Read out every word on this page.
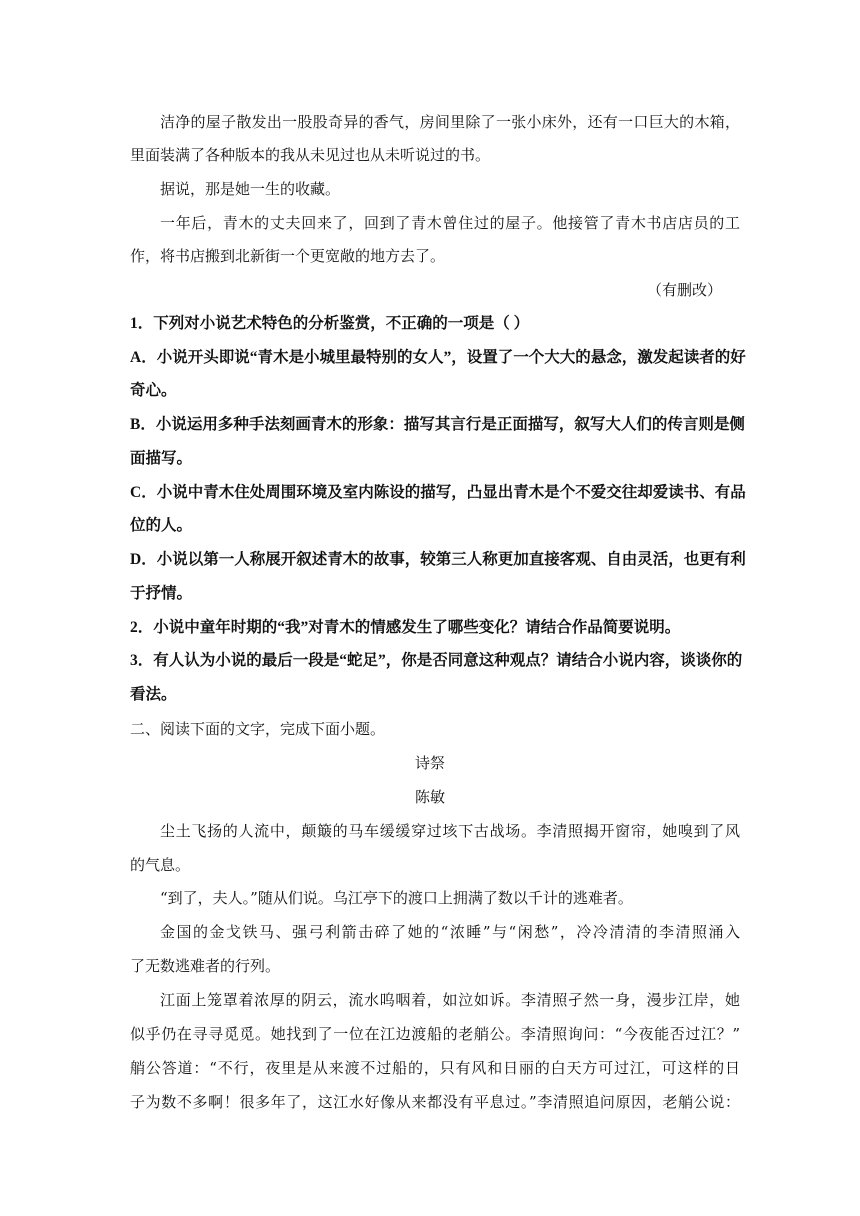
洁净的屋子散发出一股股奇异的香气，房间里除了一张小床外，还有一口巨大的木箱，
里面装满了各种版本的我从未见过也从未听说过的书。
据说，那是她一生的收藏。
一年后，青木的丈夫回来了，回到了青木曾住过的屋子。他接管了青木书店店员的工
作，将书店搬到北新街一个更宽敞的地方去了。
（有删改）
1．下列对小说艺术特色的分析鉴赏，不正确的一项是（ ）
A．小说开头即说“青木是小城里最特别的女人”，设置了一个大大的悬念，激发起读者的好
奇心。
B．小说运用多种手法刻画青木的形象：描写其言行是正面描写，叙写大人们的传言则是侧
面描写。
C．小说中青木住处周围环境及室内陈设的描写，凸显出青木是个不爱交往却爱读书、有品
位的人。
D．小说以第一人称展开叙述青木的故事，较第三人称更加直接客观、自由灵活，也更有利
于抒情。
2．小说中童年时期的“我”对青木的情感发生了哪些变化？请结合作品简要说明。
3．有人认为小说的最后一段是“蛇足”，你是否同意这种观点？请结合小说内容，谈谈你的
看法。
二、阅读下面的文字，完成下面小题。
诗祭
陈敏
尘土飞扬的人流中，颠簸的马车缓缓穿过垓下古战场。李清照揭开窗帘，她嗅到了风
的气息。
“到了，夫人。”随从们说。乌江亭下的渡口上拥满了数以千计的逃难者。
金国的金戈铁马、强弓利箭击碎了她的“浓睡”与“闲愁”，冷冷清清的李清照涌入
了无数逃难者的行列。
江面上笼罩着浓厚的阴云，流水呜咽着，如泣如诉。李清照孑然一身，漫步江岸，她
似乎仍在寻寻觅觅。她找到了一位在江边渡船的老艄公。李清照询问：“今夜能否过江？”
艄公答道：“不行，夜里是从来渡不过船的，只有风和日丽的白天方可过江，可这样的日
子为数不多啊！很多年了，这江水好像从来都没有平息过。”李清照追问原因，老艄公说：
